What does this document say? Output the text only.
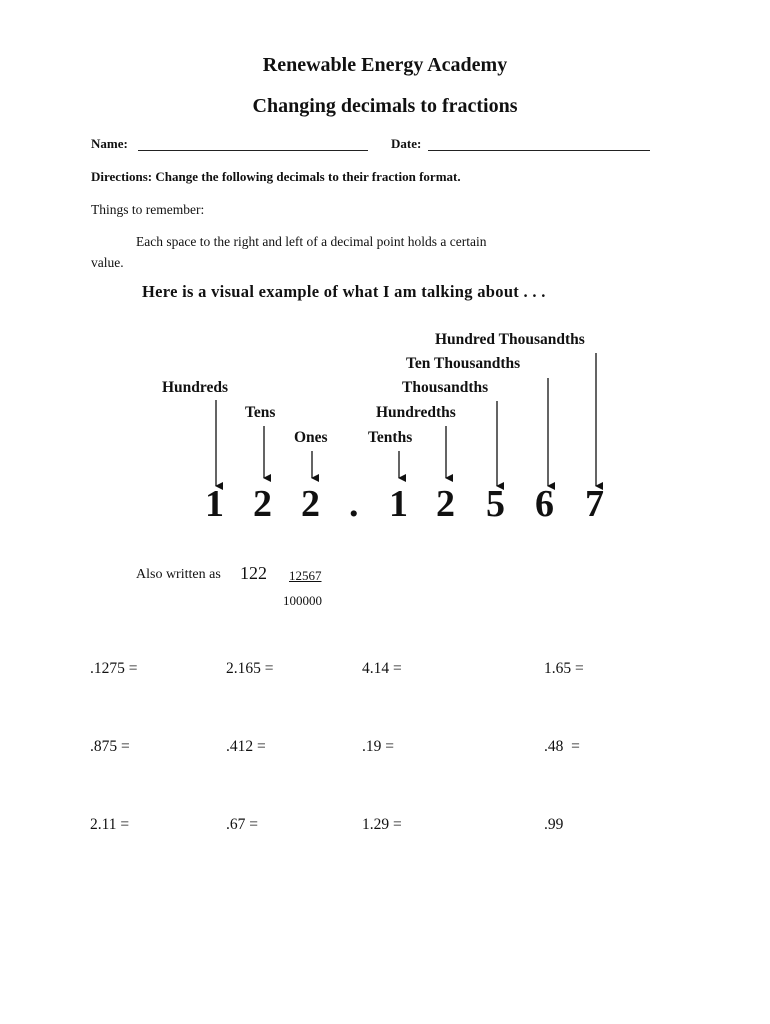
Renewable Energy Academy
Changing decimals to fractions
Name:	Date:
Directions: Change the following decimals to their fraction format.
Things to remember:
Each space to the right and left of a decimal point holds a certain
value.
Here is a visual example of what I am talking about . . .
Hundreds
Tens
Ones	Tenths
Hundredths
Thousandths
Ten Thousandths
Hundred Thousandths
1 2 2 . 1 2 5 6 7
Also written as 122 12567
100000
.1275 =	2.165 =	4.14 =	1.65 =
.875 =	.412 =	.19 =	.48  =
2.11 =	.67 =	1.29 =	.99
